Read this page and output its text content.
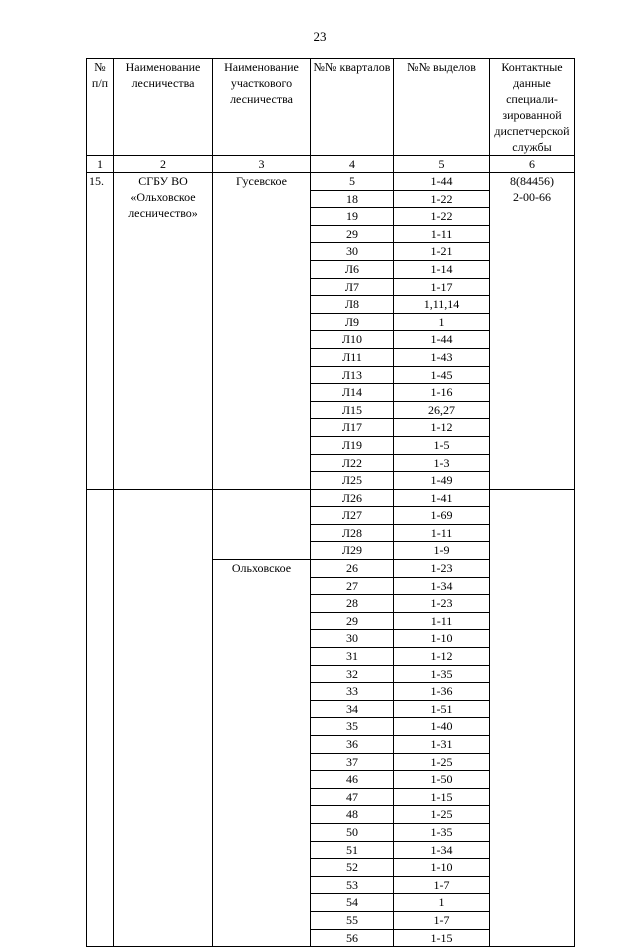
23
№ п/п	Наименование лесничества	Наименование участкового лесничества	№№ кварталов	№№ выделов	Контактные данные специали-зированной диспетчерской службы
1	2	3	4	5	6
15.	СГБУ ВО «Ольховское лесничество»	Гусевское	5	1-44	8(84456)
2-00-66

			18	1-22	
			19	1-22	
			29	1-11	
			30	1-21	
			Л6	1-14	
			Л7	1-17	
			Л8	1,11,14	
			Л9	1	
			Л10	1-44	
			Л11	1-43	
			Л13	1-45	
			Л14	1-16	
			Л15	26,27	
			Л17	1-12	
			Л19	1-5	
			Л22	1-3	
			Л25	1-49	
			Л26	1-41	
			Л27	1-69	
			Л28	1-11	
			Л29	1-9	
		Ольховское	26	1-23	
			27	1-34	
			28	1-23	
			29	1-11	
			30	1-10	
			31	1-12	
			32	1-35	
			33	1-36	
			34	1-51	
			35	1-40	
			36	1-31	
			37	1-25	
			46	1-50	
			47	1-15	
			48	1-25	
			50	1-35	
			51	1-34	
			52	1-10	
			53	1-7	
			54	1	
			55	1-7	
			56	1-15	
